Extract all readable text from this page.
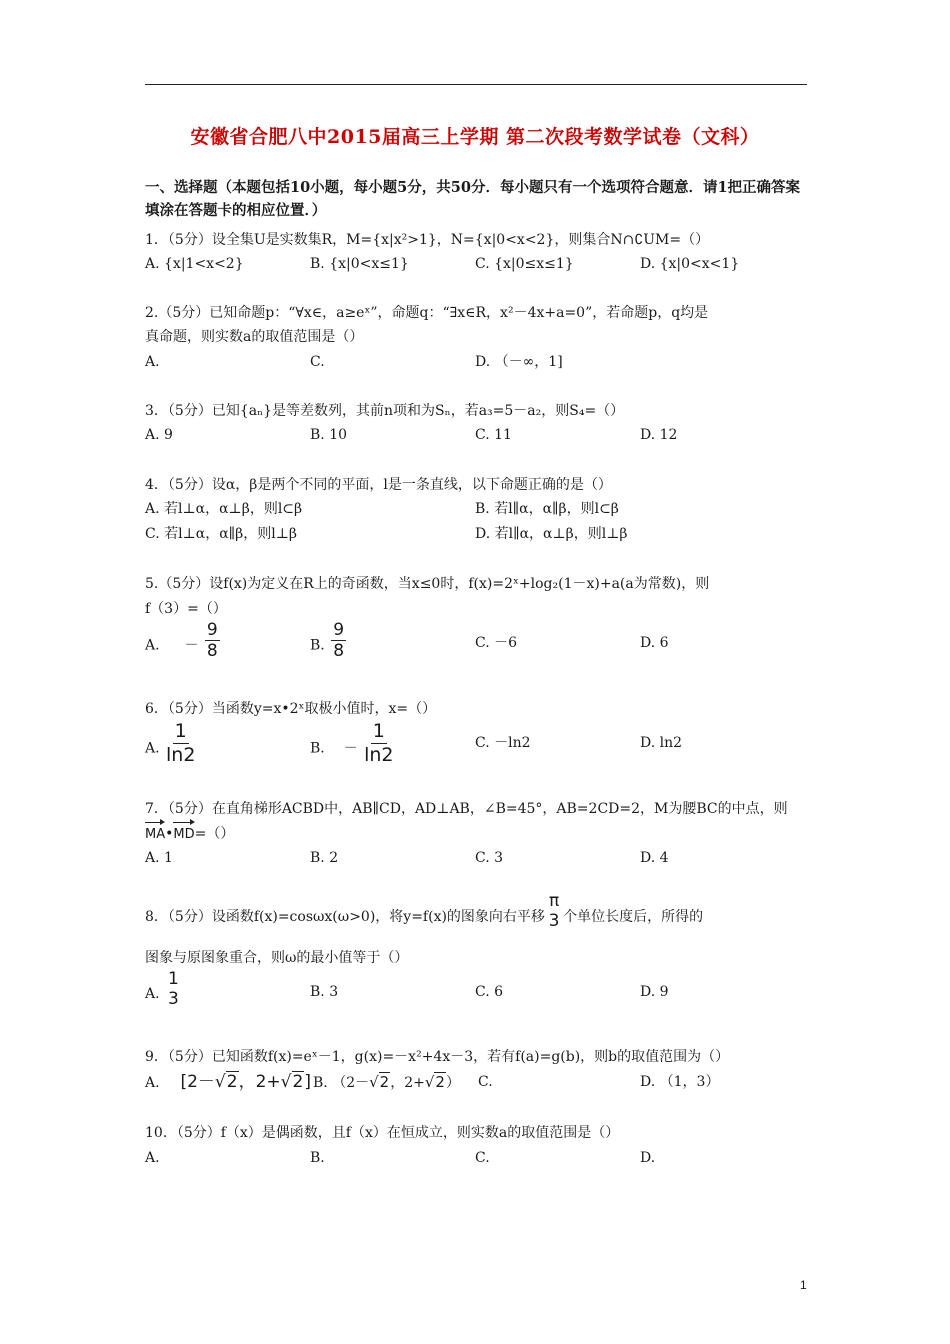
安徽省合肥八中2015届高三上学期 第二次段考数学试卷（文科）
一、选择题（本题包括10小题，每小题5分，共50分．每小题只有一个选项符合题意．请1把正确答案填涂在答题卡的相应位置．）
1．（5分）设全集U是实数集R，M={x|x²>1}，N={x|0<x<2}，则集合N∩∁UM=（）
A. {x|1<x<2}	B. {x|0<x≤1}	C. {x|0≤x≤1}	D. {x|0<x<1}
2.（5分）已知命题p：“∀x∈，a≥eˣ”，命题q：“∃x∈R，x²－4x+a=0”，若命题p，q均是
真命题，则实数a的取值范围是（）
A.	C.	D. （－∞，1]
3．（5分）已知{aₙ}是等差数列，其前n项和为Sₙ，若a₃=5－a₂，则S₄=（）
A. 9	B. 10	C. 11	D. 12
4．（5分）设α，β是两个不同的平面，l是一条直线，以下命题正确的是（）
A. 若l⊥α，α⊥β，则l⊂β	B. 若l∥α，α∥β，则l⊂β
C. 若l⊥α，α∥β，则l⊥β	D. 若l∥α，α⊥β，则l⊥β
5.（5分）设f(x)为定义在R上的奇函数，当x≤0时，f(x)=2ˣ+log₂(1－x)+a(a为常数)，则
f（3）=（）
A. － $\frac{9}{8}$	B. $\frac{9}{8}$	C. －6	D. 6
6．（5分）当函数y=x•2ˣ取极小值时，x=（）
A. $\frac{1}{\ln 2}$	B. － $\frac{1}{\ln 2}$	C. －ln2	D. ln2
7．（5分）在直角梯形ACBD中，AB∥CD，AD⊥AB，∠B=45°，AB=2CD=2，M为腰BC的中点，则
MA•MD=（）
A. 1	B. 2	C. 3	D. 4
8．（5分）设函数f(x)=cosωx(ω>0)，将y=f(x)的图象向右平移
π
3 个单位长度后，所得的
图象与原图象重合，则ω的最小值等于（）
A.
1
3	B. 3	C. 6	D. 9
9．（5分）已知函数f(x)=eˣ－1，g(x)=－x²+4x－3，若有f(a)=g(b)，则b的取值范围为（）
A. [2－√2，2+√2] B. （2－√2，2+√2） C.	D. （1，3）
10．（5分）f（x）是偶函数，且f（x）在恒成立，则实数a的取值范围是（）
A.	B.	C.	D.
1
